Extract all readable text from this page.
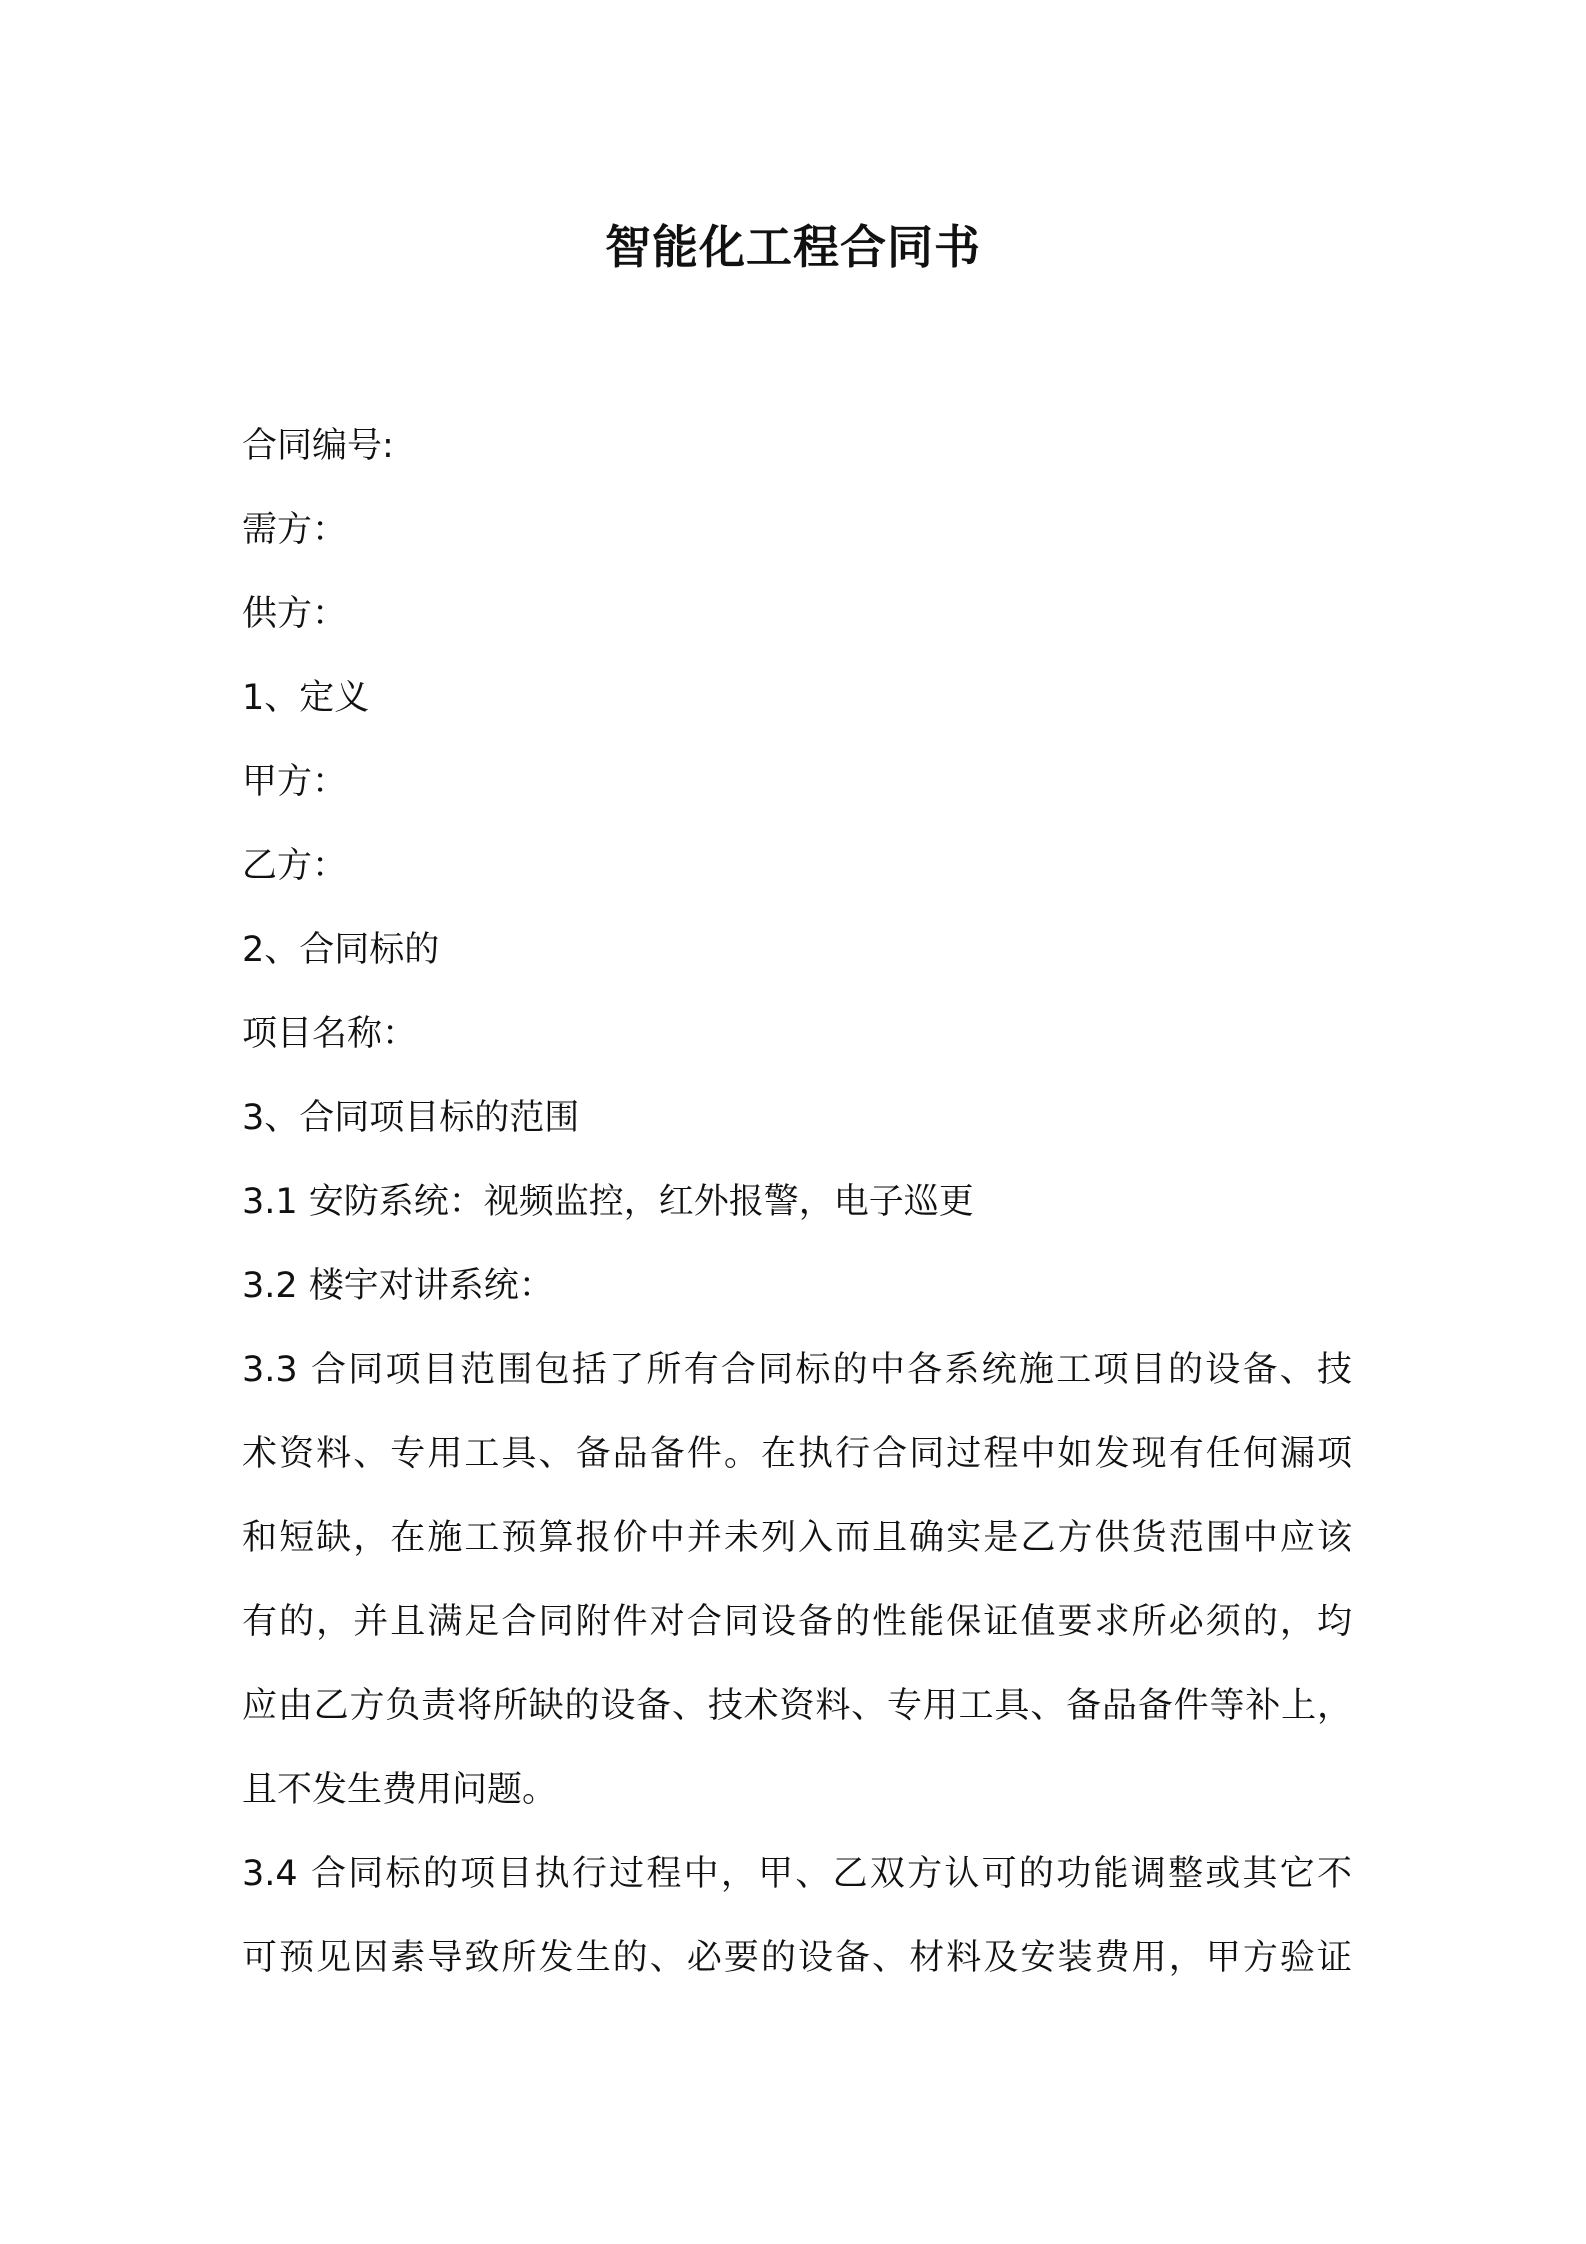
智能化工程合同书
合同编号:
需方：
供方：
1、定义
甲方：
乙方：
2、合同标的
项目名称：
3、合同项目标的范围
3.1 安防系统：视频监控，红外报警，电子巡更
3.2 楼宇对讲系统：
3.3 合同项目范围包括了所有合同标的中各系统施工项目的设备、技
术资料、专用工具、备品备件。在执行合同过程中如发现有任何漏项
和短缺，在施工预算报价中并未列入而且确实是乙方供货范围中应该
有的，并且满足合同附件对合同设备的性能保证值要求所必须的，均
应由乙方负责将所缺的设备、技术资料、专用工具、备品备件等补上，
且不发生费用问题。
3.4 合同标的项目执行过程中，甲、乙双方认可的功能调整或其它不
可预见因素导致所发生的、必要的设备、材料及安装费用，甲方验证
